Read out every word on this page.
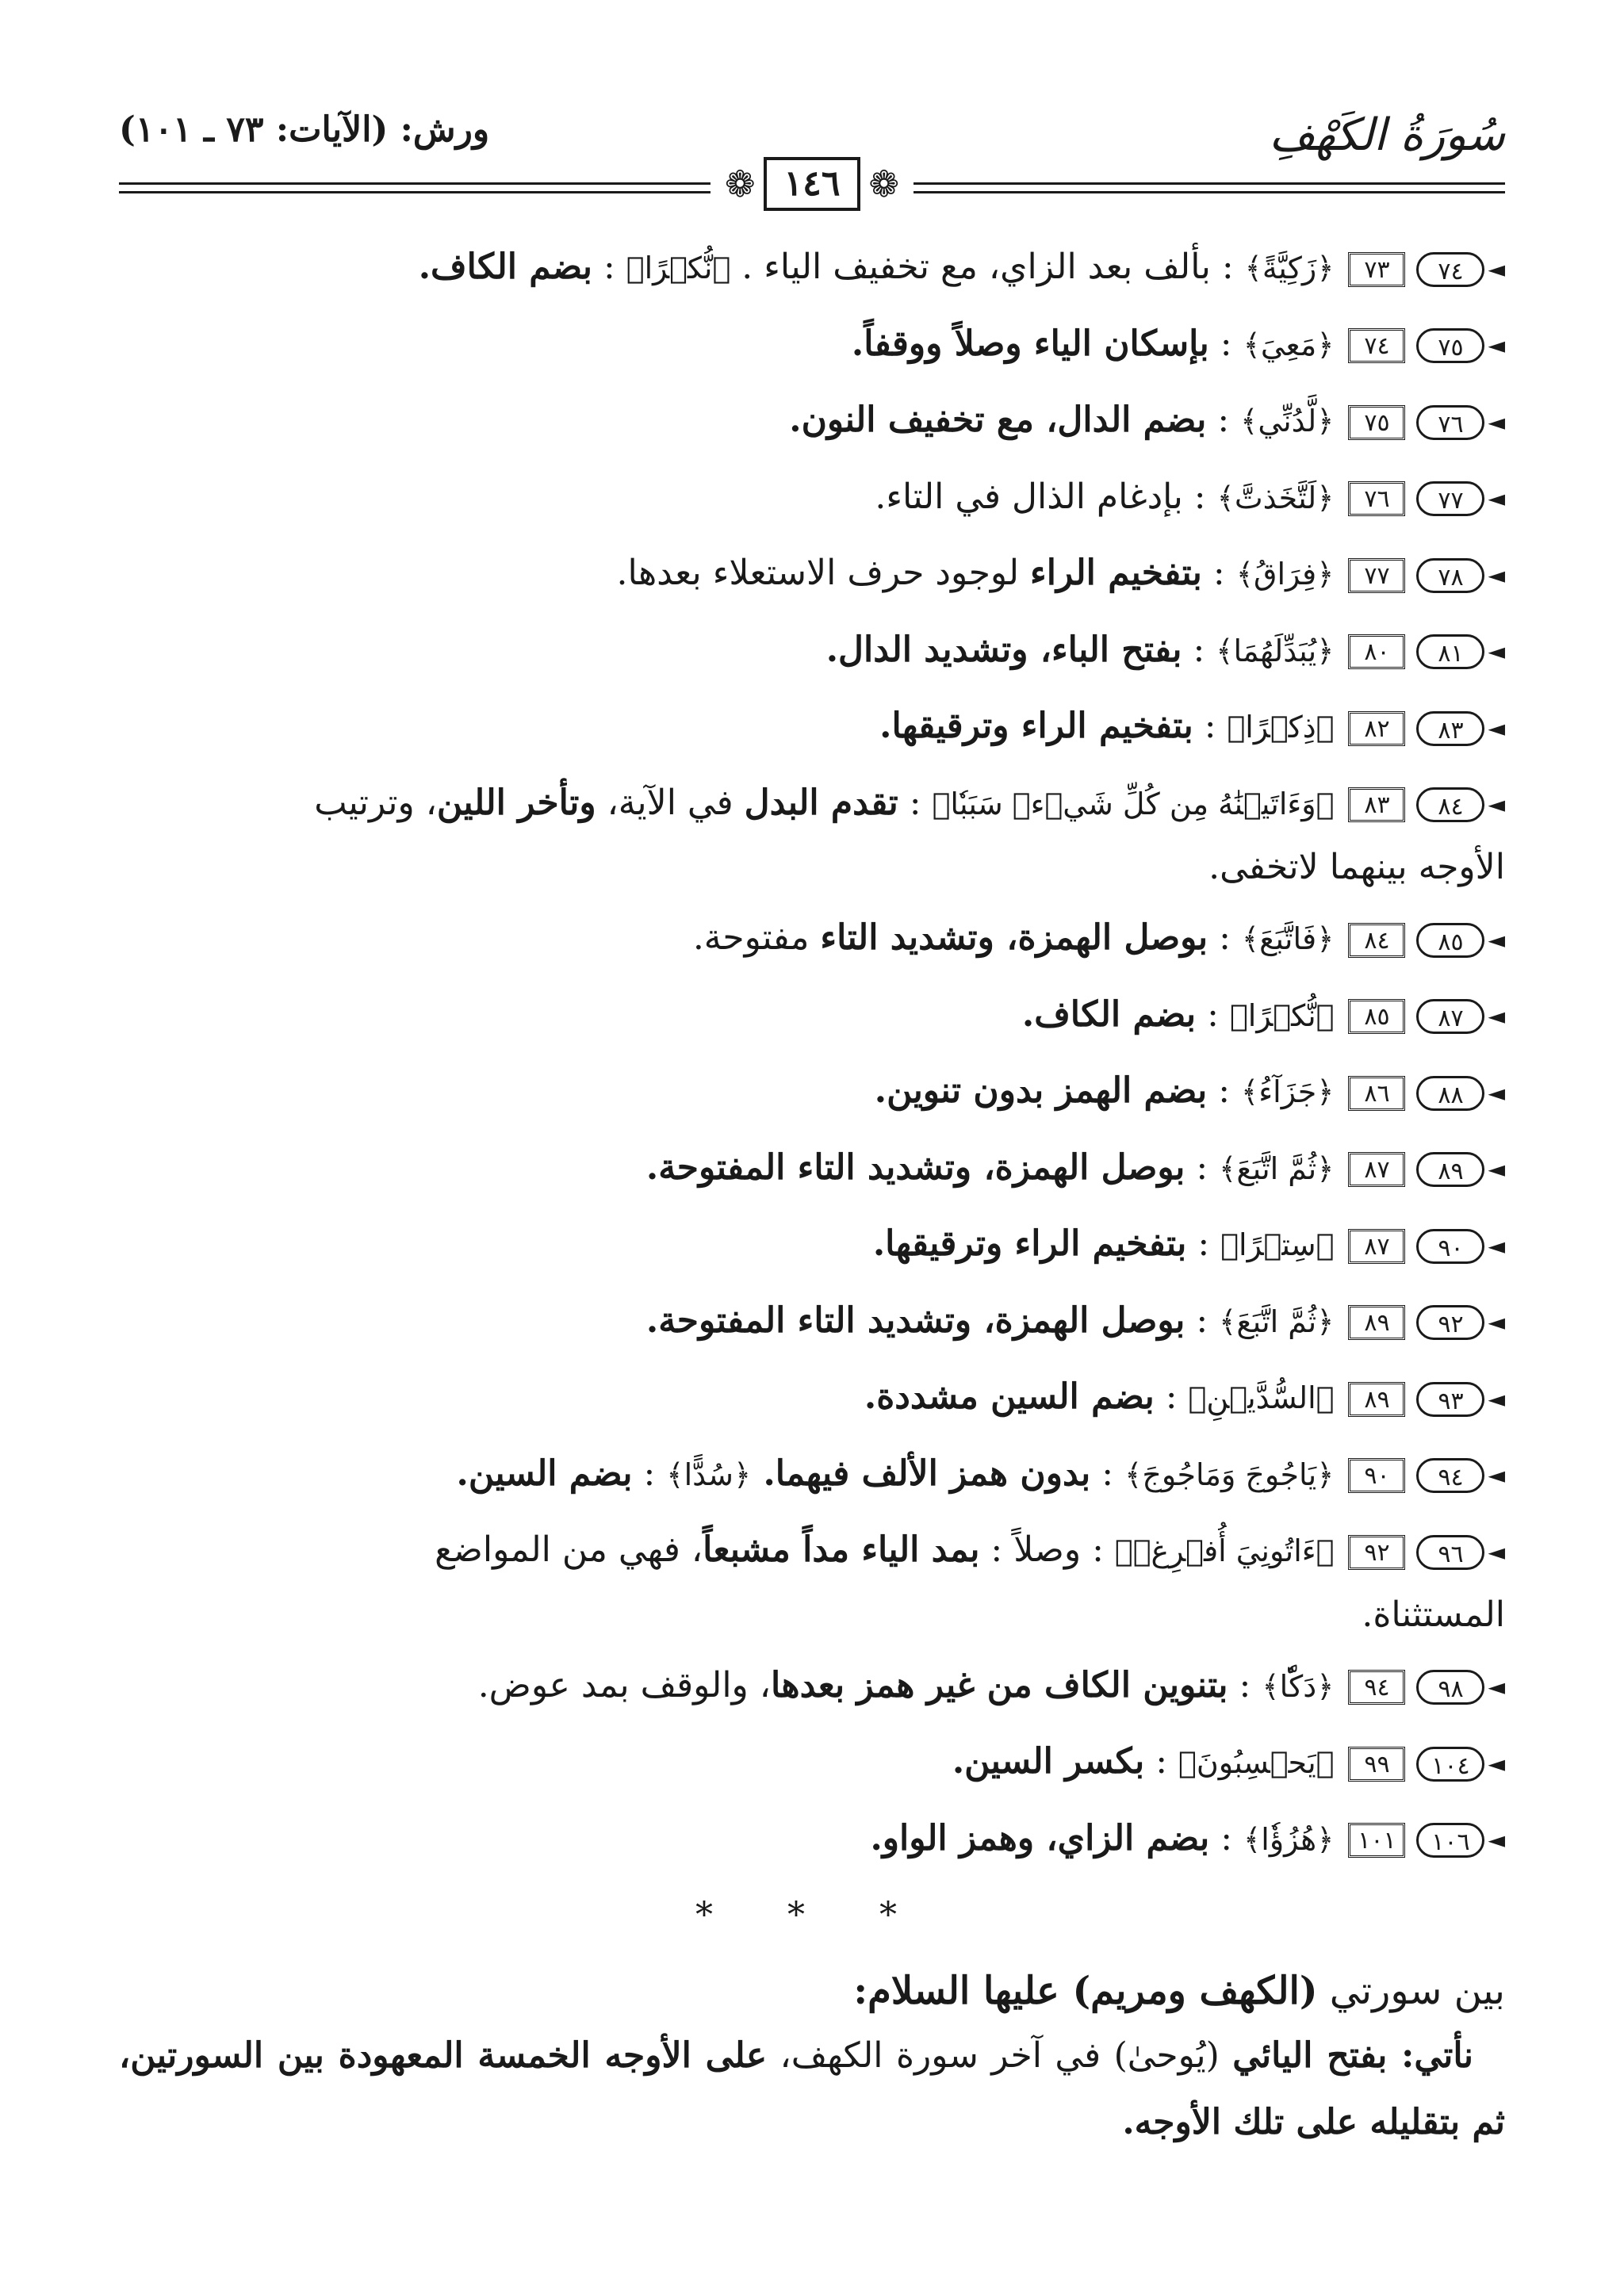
سُورَةُ الكَهْفِ
ورش: (الآيات: ٧٣ ـ ١٠١)
❁
١٤٦
❁
◄
٧٤
٧٣﴿زَكِيَّةً﴾ : بألف بعد الزاي، مع تخفيف الياء . ﴿نُّكۡرًا﴾ : بضم الكاف.
◄
٧٥
٧٤﴿مَعِيَ﴾ : بإسكان الياء وصلاً ووقفاً.
◄
٧٦
٧٥﴿لَّدُنِّي﴾ : بضم الدال، مع تخفيف النون.
◄
٧٧
٧٦﴿لَتَّخَذتَّ﴾ : بإدغام الذال في التاء.
◄
٧٨
٧٧﴿فِرَاقُ﴾ : بتفخيم الراء لوجود حرف الاستعلاء بعدها.
◄
٨١
٨٠﴿يُبَدِّلَهُمَا﴾ : بفتح الباء، وتشديد الدال.
◄
٨٣
٨٢﴿ذِكۡرًا﴾ : بتفخيم الراء وترقيقها.
◄
٨٤
٨٣﴿وَءَاتَيۡنَٰهُ مِن كُلِّ شَيۡءٖ سَبَبٗا﴾ : تقدم البدل في الآية، وتأخر اللين، وترتيب
الأوجه بينهما لاتخفى.
◄
٨٥
٨٤﴿فَاتَّبَعَ﴾ : بوصل الهمزة، وتشديد التاء مفتوحة.
◄
٨٧
٨٥﴿نُّكۡرًا﴾ : بضم الكاف.
◄
٨٨
٨٦﴿جَزَآءُ﴾ : بضم الهمز بدون تنوين.
◄
٨٩
٨٧﴿ثُمَّ اتَّبَعَ﴾ : بوصل الهمزة، وتشديد التاء المفتوحة.
◄
٩٠
٨٧﴿سِتۡرًا﴾ : بتفخيم الراء وترقيقها.
◄
٩٢
٨٩﴿ثُمَّ اتَّبَعَ﴾ : بوصل الهمزة، وتشديد التاء المفتوحة.
◄
٩٣
٨٩﴿السُّدَّيۡنِ﴾ : بضم السين مشددة.
◄
٩٤
٩٠﴿يَاجُوجَ وَمَاجُوجَ﴾ : بدون همز الألف فيهما. ﴿سُدًّا﴾ : بضم السين.
◄
٩٦
٩٢﴿ءَاتُونِيَ أُفۡرِغۡ﴾ : وصلاً : بمد الياء مداً مشبعاً، فهي من المواضع
المستثناة.
◄
٩٨
٩٤﴿دَكّٗا﴾ : بتنوين الكاف من غير همز بعدها، والوقف بمد عوض.
◄
١٠٤
٩٩﴿يَحۡسِبُونَ﴾ : بكسر السين.
◄
١٠٦
١٠١﴿هُزُؤٗا﴾ : بضم الزاي، وهمز الواو.
* * *
بين سورتي (الكهف ومريم) عليها السلام:
نأتي: بفتح اليائي (يُوحىٰ) في آخر سورة الكهف، على الأوجه الخمسة المعهودة بين السورتين، ثم بتقليله على تلك الأوجه.
